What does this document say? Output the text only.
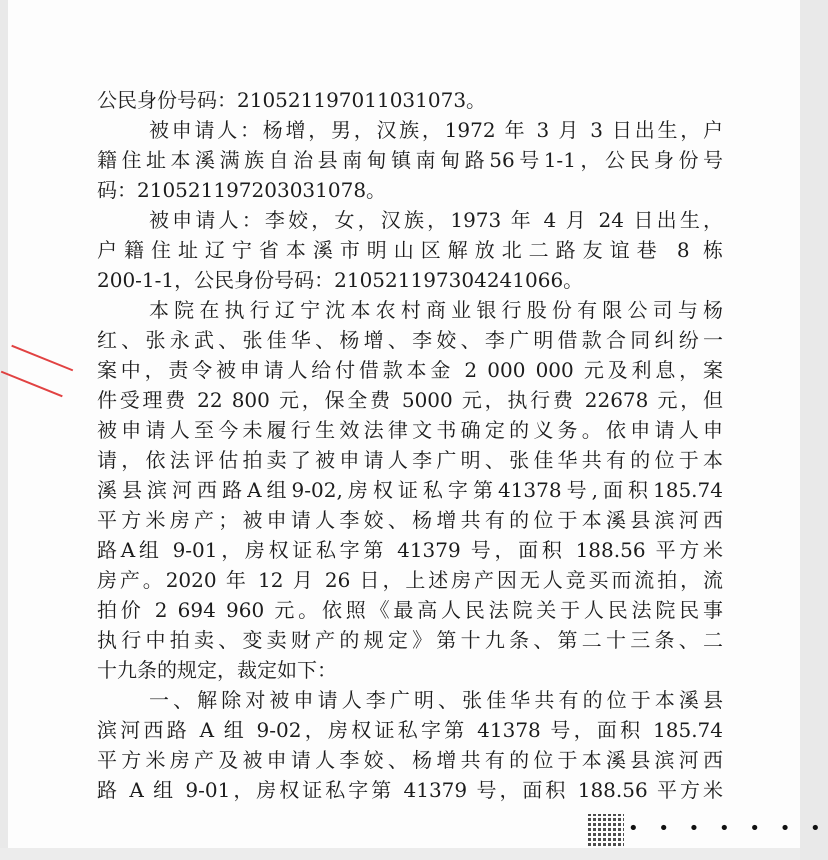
公民身份号码：210521197011031073。
被申请人：杨增，男，汉族，1972 年 3 月 3 日出生，户
籍住址本溪满族自治县南甸镇南甸路56号1-1，公民身份号
码：210521197203031078。
被申请人：李姣，女，汉族，1973 年 4 月 24 日出生，
户籍住址辽宁省本溪市明山区解放北二路友谊巷 8 栋
200-1-1，公民身份号码：210521197304241066。
本院在执行辽宁沈本农村商业银行股份有限公司与杨
红、张永武、张佳华、杨增、李姣、李广明借款合同纠纷一
案中，责令被申请人给付借款本金 2 000 000 元及利息，案
件受理费 22 800 元，保全费 5000 元，执行费 22678 元，但
被申请人至今未履行生效法律文书确定的义务。依申请人申
请，依法评估拍卖了被申请人李广明、张佳华共有的位于本
溪县滨河西路A组9-02,房权证私字第41378号,面积185.74
平方米房产；被申请人李姣、杨增共有的位于本溪县滨河西
路A组 9-01，房权证私字第 41379 号，面积 188.56 平方米
房产。2020 年 12 月 26 日，上述房产因无人竞买而流拍，流
拍价 2 694 960 元。依照《最高人民法院关于人民法院民事
执行中拍卖、变卖财产的规定》第十九条、第二十三条、二
十九条的规定，裁定如下：
一、解除对被申请人李广明、张佳华共有的位于本溪县
滨河西路 A 组 9-02，房权证私字第 41378 号，面积 185.74
平方米房产及被申请人李姣、杨增共有的位于本溪县滨河西
路 A 组 9-01，房权证私字第 41379 号，面积 188.56 平方米
• • • • • • •
